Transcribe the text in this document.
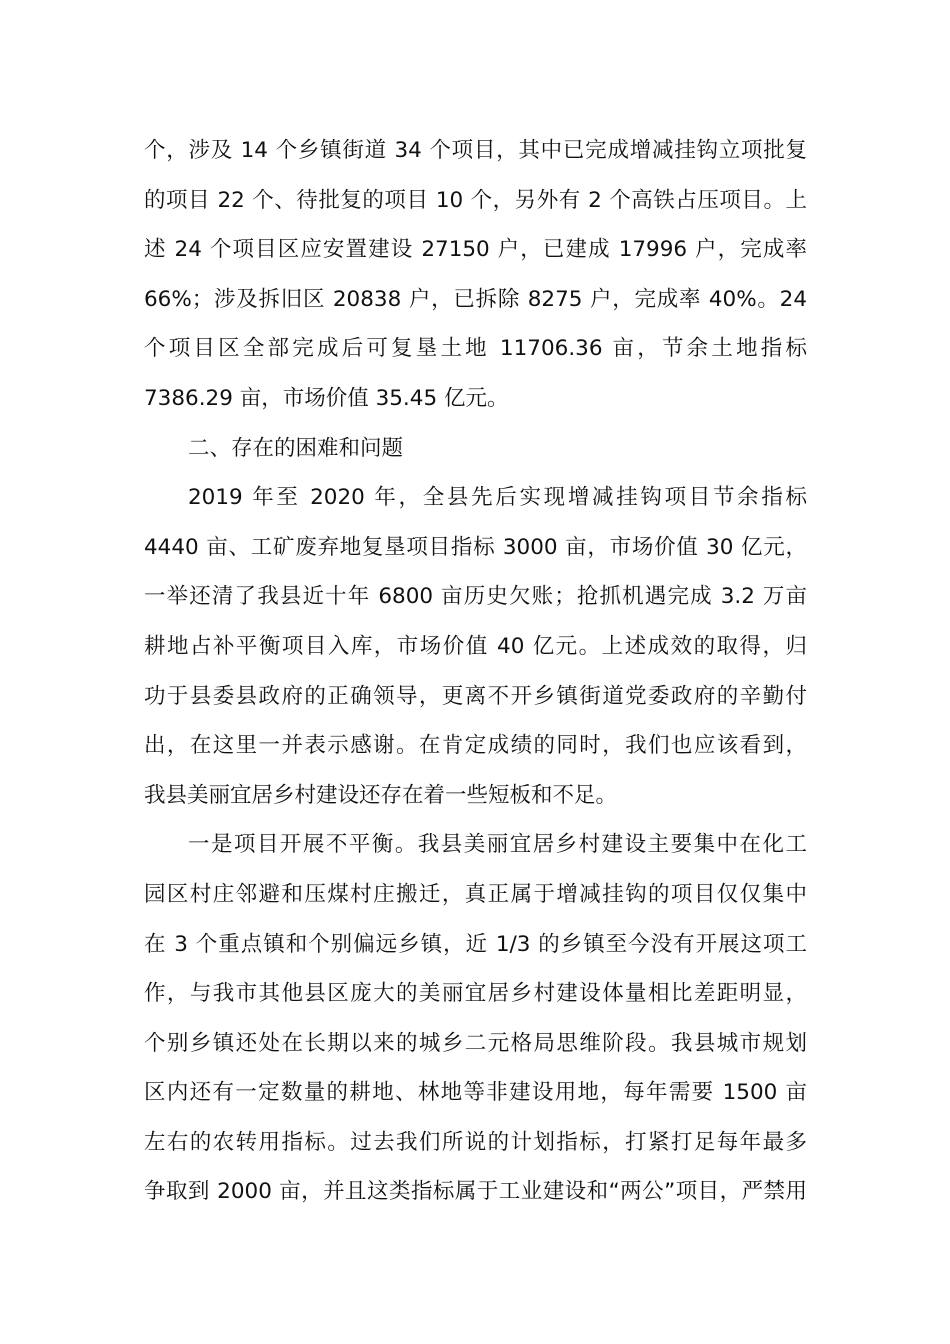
个，涉及 14 个乡镇街道 34 个项目，其中已完成增减挂钩立项批复
的项目 22 个、待批复的项目 10 个，另外有 2 个高铁占压项目。上
述 24 个项目区应安置建设 27150 户，已建成 17996 户，完成率
66%；涉及拆旧区 20838 户，已拆除 8275 户，完成率 40%。24
个项目区全部完成后可复垦土地 11706.36 亩，节余土地指标
7386.29 亩，市场价值 35.45 亿元。
二、存在的困难和问题
2019 年至 2020 年，全县先后实现增减挂钩项目节余指标
4440 亩、工矿废弃地复垦项目指标 3000 亩，市场价值 30 亿元，
一举还清了我县近十年 6800 亩历史欠账；抢抓机遇完成 3.2 万亩
耕地占补平衡项目入库，市场价值 40 亿元。上述成效的取得，归
功于县委县政府的正确领导，更离不开乡镇街道党委政府的辛勤付
出，在这里一并表示感谢。在肯定成绩的同时，我们也应该看到，
我县美丽宜居乡村建设还存在着一些短板和不足。
一是项目开展不平衡。我县美丽宜居乡村建设主要集中在化工
园区村庄邻避和压煤村庄搬迁，真正属于增减挂钩的项目仅仅集中
在 3 个重点镇和个别偏远乡镇，近 1/3 的乡镇至今没有开展这项工
作，与我市其他县区庞大的美丽宜居乡村建设体量相比差距明显，
个别乡镇还处在长期以来的城乡二元格局思维阶段。我县城市规划
区内还有一定数量的耕地、林地等非建设用地，每年需要 1500 亩
左右的农转用指标。过去我们所说的计划指标，打紧打足每年最多
争取到 2000 亩，并且这类指标属于工业建设和“两公”项目，严禁用
